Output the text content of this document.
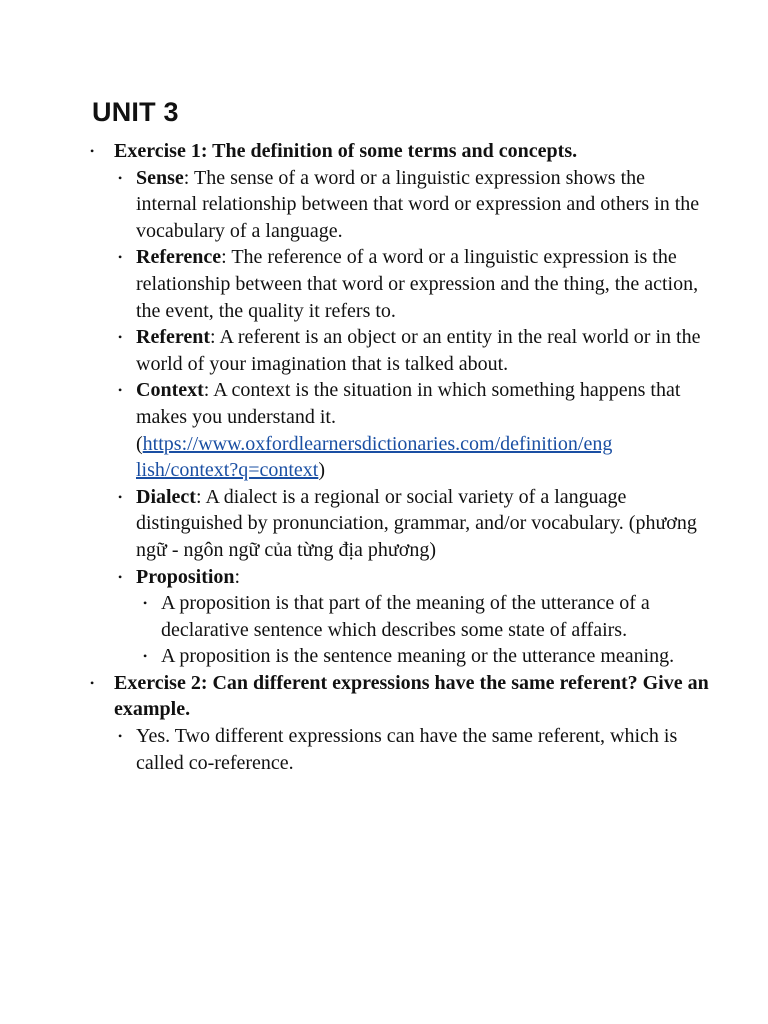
UNIT 3
• Exercise 1: The definition of some terms and concepts.
• Sense: The sense of a word or a linguistic expression shows the internal relationship between that word or expression and others in the vocabulary of a language.
• Reference: The reference of a word or a linguistic expression is the relationship between that word or expression and the thing, the action, the event, the quality it refers to.
• Referent: A referent is an object or an entity in the real world or in the world of your imagination that is talked about.
• Context: A context is the situation in which something happens that makes you understand it.
(https://www.oxfordlearnersdictionaries.com/definition/eng
lish/context?q=context)
• Dialect: A dialect is a regional or social variety of a language distinguished by pronunciation, grammar, and/or vocabulary. (phương ngữ - ngôn ngữ của từng địa phương)
• Proposition:
• A proposition is that part of the meaning of the utterance of a declarative sentence which describes some state of affairs.
• A proposition is the sentence meaning or the utterance meaning.
• Exercise 2: Can different expressions have the same referent? Give an example.
• Yes. Two different expressions can have the same referent, which is called co-reference.
